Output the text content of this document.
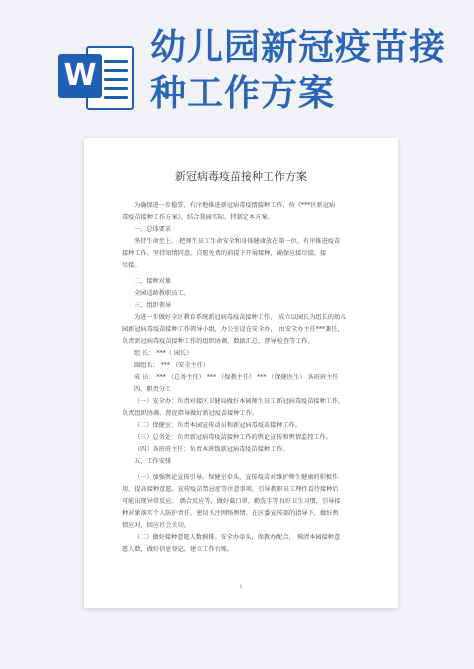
W
幼儿园新冠疫苗接
种工作方案
新冠病毒疫苗接种工作方案

为确保进一步稳妥、有序地推进新冠病毒疫情接种工作，按《***区新冠病

毒疫苗接种工作方案》，结合我园实际，特制定本方案。

一、总体要求

坚持生命至上， 把师生员工生命安全和身体健康放在第一位，有序推进疫苗

接种工作，坚持知情同意、自愿免费的前提下开展接种，确保应接尽接，接

尽接。

二、接种对象

全园适龄教职员工。

三、组织领导

为进一步做好全区教育系统新冠病毒疫苗接种工作， 成立以园长为组长的幼儿

园新冠病毒疫苗接种工作领导小组，办公室设在安全办， 由安全办主任***兼任，

负责新冠病毒疫苗接种工作的组织协调、数据汇总、督导检查等工作。

组 长： ***（ 园长）

副组长： *** （安全主任）

成 员： *** （总务主任） *** （保教主任） *** （保健医生） 各班班主任

四、职责分工

（一）安全办：负责对接区卫健局做好本园师生员工新冠病毒疫苗接种工作，

负责组织协调、督促指导做好新冠疫苗接种工作。

（二）保健室：负责本园宣传动员和新冠病毒疫苗接种工作。

（三）总务处：负责新冠病毒疫苗接种工作的舆论宣传和舆情监控工作。

（四）各班班主任：负责本班级新冠病毒疫苗接种工作。

五、工作安排

（一）加强舆论宣传引导。保健室牵头，宣传疫苗对维护师生健康的积极作

用，提高接种意愿。宣传疫苗禁忌症等注意事项，引导教职员工理性看待接种后

可能出现异常反应。 偶合反应等，做好截口罩、勤洗手等良好卫生习惯，引导接

种对象落实个人防护责任，密切关注网络舆情，在区委宣传部的指导下，做好舆

情应对，回应社会关切。

（二）做好接种意愿人数摸排。安全办牵头，保教办配合， 摸清本园接种意

愿人数，做好信息登记，建立工作台账。

1
